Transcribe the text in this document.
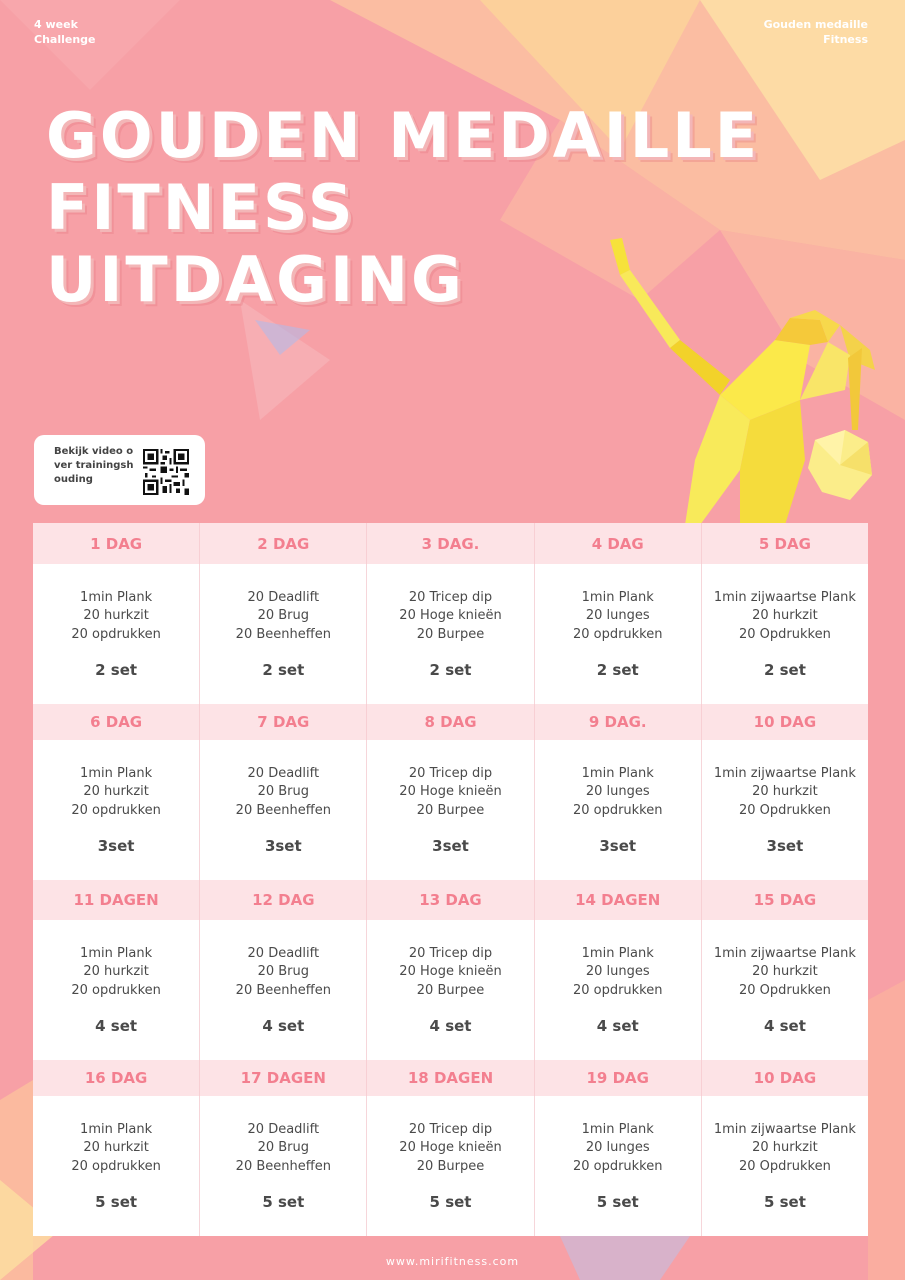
4 week
Challenge
Gouden medaille
Fitness
GOUDEN MEDAILLE
FITNESS
UITDAGING
Bekijk video over trainingshouding
1 DAG	2 DAG	3 DAG.	4 DAG	5 DAG
1min Plank
20 hurkzit
20 opdrukken
2 set
20 Deadlift
20 Brug
20 Beenheffen
2 set
20 Tricep dip
20 Hoge knieën
20 Burpee
2 set
1min Plank
20 lunges
20 opdrukken
2 set
1min zijwaartse Plank
20 hurkzit
20 Opdrukken
2 set
6 DAG	7 DAG	8 DAG	9 DAG.	10 DAG
1min Plank
20 hurkzit
20 opdrukken
3set
20 Deadlift
20 Brug
20 Beenheffen
3set
20 Tricep dip
20 Hoge knieën
20 Burpee
3set
1min Plank
20 lunges
20 opdrukken
3set
1min zijwaartse Plank
20 hurkzit
20 Opdrukken
3set
11 DAGEN	12 DAG	13 DAG	14 DAGEN	15 DAG
1min Plank
20 hurkzit
20 opdrukken
4 set
20 Deadlift
20 Brug
20 Beenheffen
4 set
20 Tricep dip
20 Hoge knieën
20 Burpee
4 set
1min Plank
20 lunges
20 opdrukken
4 set
1min zijwaartse Plank
20 hurkzit
20 Opdrukken
4 set
16 DAG	17 DAGEN	18 DAGEN	19 DAG	10 DAG
1min Plank
20 hurkzit
20 opdrukken
5 set
20 Deadlift
20 Brug
20 Beenheffen
5 set
20 Tricep dip
20 Hoge knieën
20 Burpee
5 set
1min Plank
20 lunges
20 opdrukken
5 set
1min zijwaartse Plank
20 hurkzit
20 Opdrukken
5 set
www.mirifitness.com
